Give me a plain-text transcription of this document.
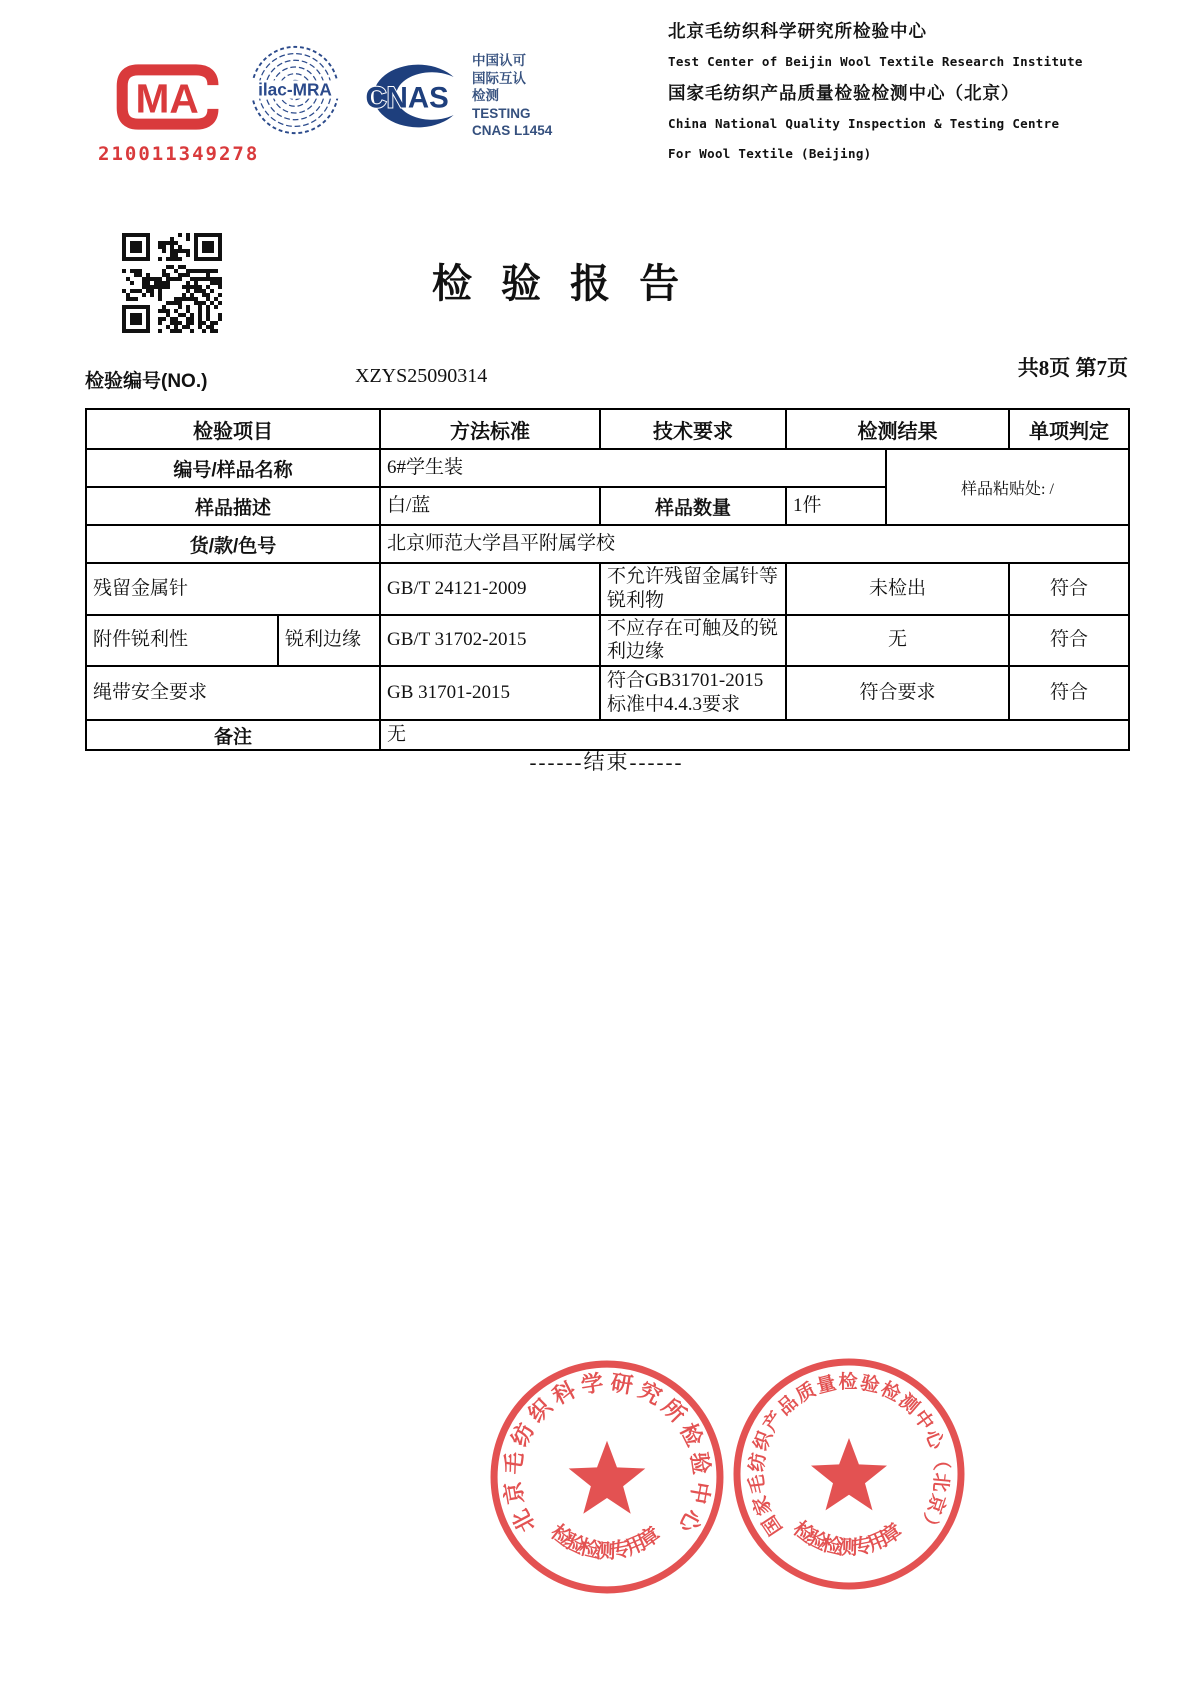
MA
210011349278
ilac-MRA CNAS
中国认可
国际互认
检测
TESTING
CNAS L1454
北京毛纺织科学研究所检验中心
Test Center of Beijin Wool Textile Research Institute
国家毛纺织产品质量检验检测中心（北京）
China National Quality Inspection & Testing Centre
For Wool Textile (Beijing)
检 验 报 告
共8页 第7页
检验编号(NO.)	XZYS25090314
检验项目		方法标准	技术要求	检测结果		单项判定
编号/样品名称		6#学生装			样品粘贴处: /	
样品描述		白/蓝	样品数量	1件		
货/款/色号		北京师范大学昌平附属学校				
残留金属针		GB/T 24121-2009	不允许残留金属针等锐利物	未检出		符合
附件锐利性	锐利边缘	GB/T 31702-2015	不应存在可触及的锐利边缘	无		符合
绳带安全要求		GB 31701-2015	符合GB31701-2015标准中4.4.3要求	符合要求		符合
备注		无				
------结束------
北京毛纺织科学研究所检验中心
检验检测专用章	国家毛纺织产品质量检验检测中心（北京）
检验检测专用章
